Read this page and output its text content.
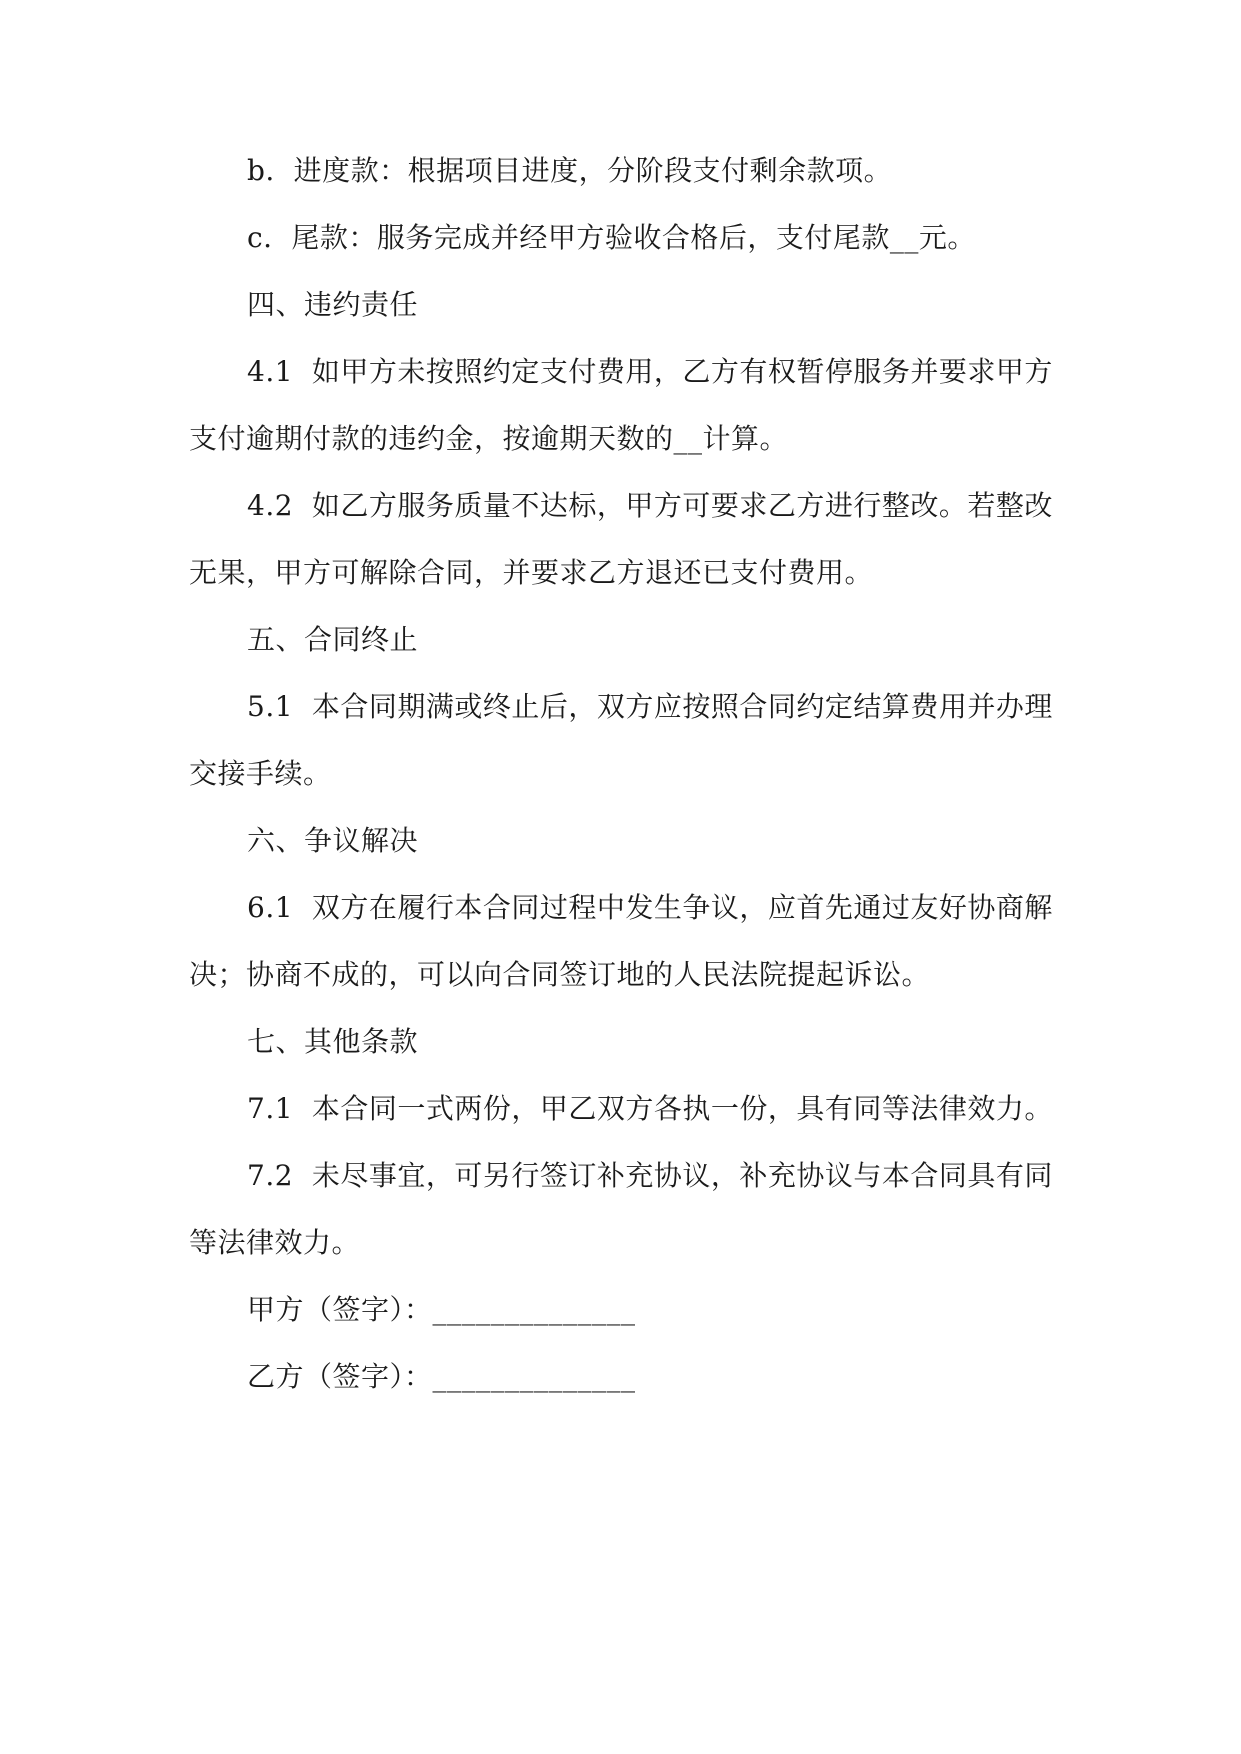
b.  进度款：根据项目进度，分阶段支付剩余款项。
c.  尾款：服务完成并经甲方验收合格后，支付尾款__元。
四、违约责任
4.1  如甲方未按照约定支付费用，乙方有权暂停服务并要求甲方
支付逾期付款的违约金，按逾期天数的__计算。
4.2  如乙方服务质量不达标，甲方可要求乙方进行整改。若整改
无果，甲方可解除合同，并要求乙方退还已支付费用。
五、合同终止
5.1  本合同期满或终止后，双方应按照合同约定结算费用并办理
交接手续。
六、争议解决
6.1  双方在履行本合同过程中发生争议，应首先通过友好协商解
决；协商不成的，可以向合同签订地的人民法院提起诉讼。
七、其他条款
7.1  本合同一式两份，甲乙双方各执一份，具有同等法律效力。
7.2  未尽事宜，可另行签订补充协议，补充协议与本合同具有同
等法律效力。
甲方（签字）：______________
乙方（签字）：______________
